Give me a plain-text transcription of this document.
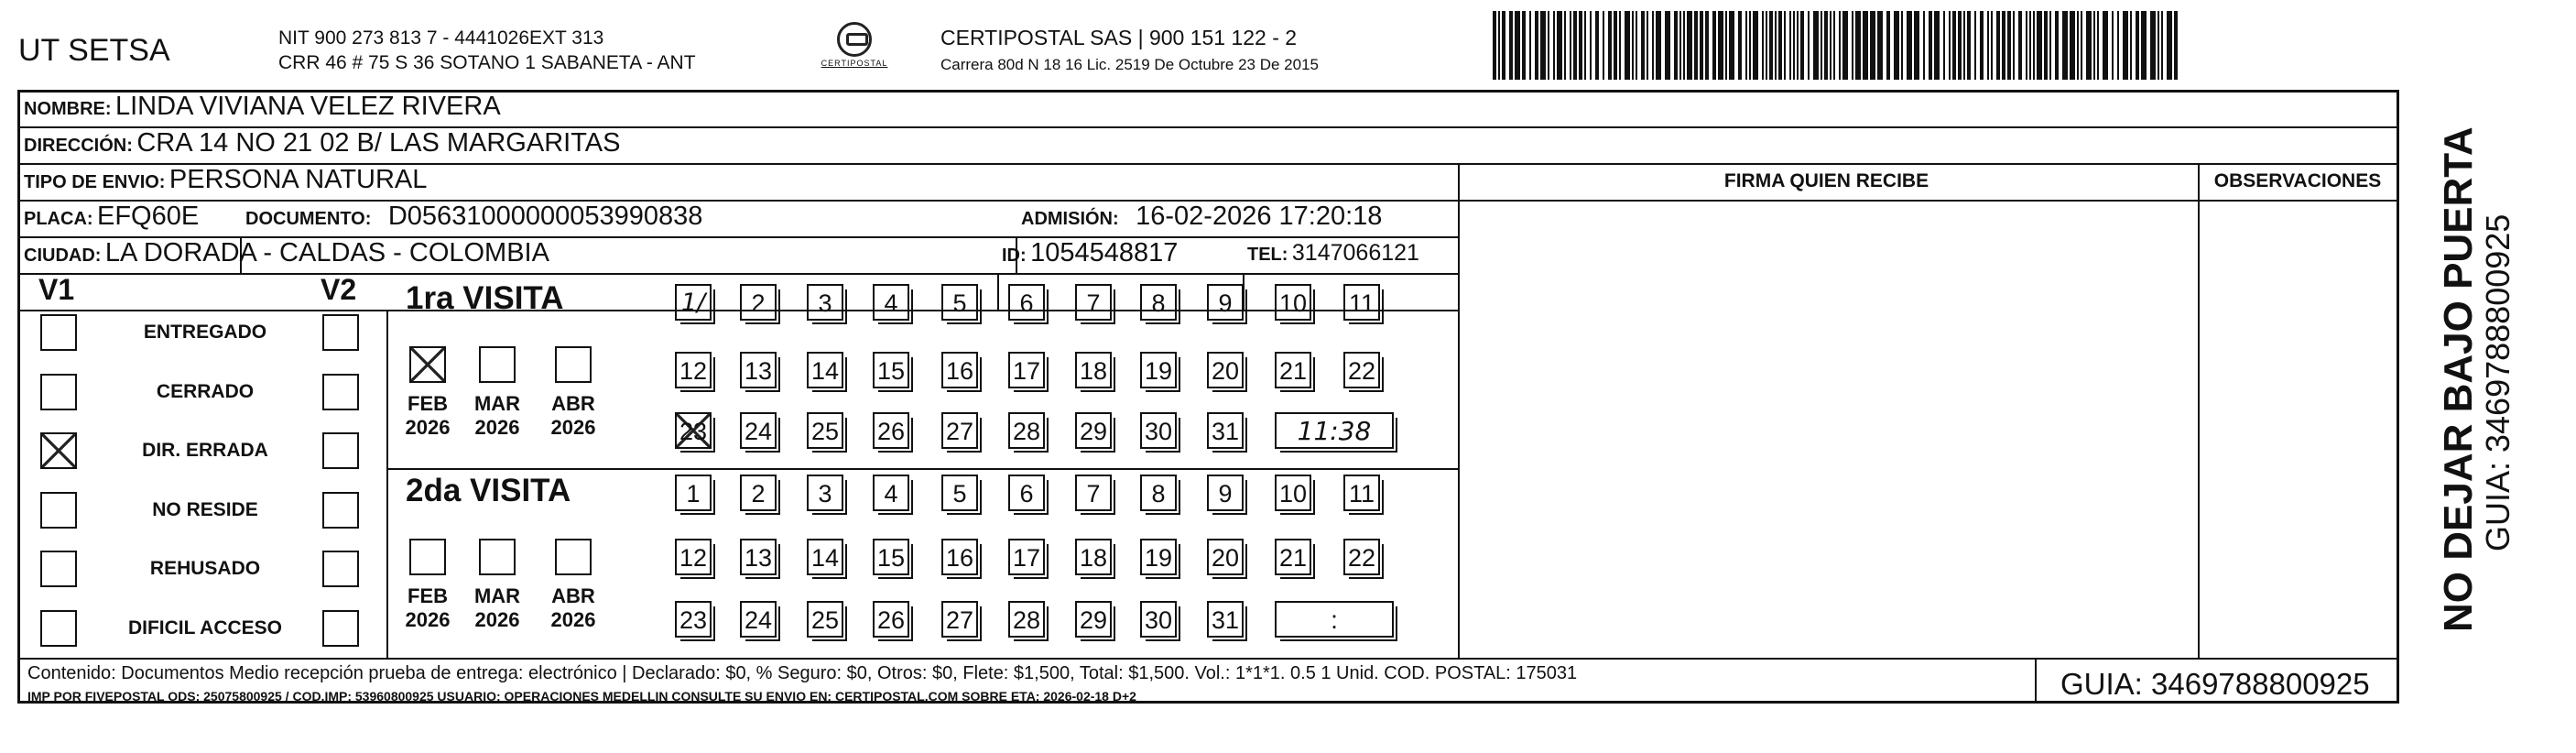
UT SETSA	NIT 900 273 813 7 - 4441026EXT 313
CRR 46 # 75 S 36 SOTANO 1 SABANETA - ANT	CERTIPOSTAL
CERTIPOSTAL SAS | 900 151 122 - 2
Carrera 80d N 18 16 Lic. 2519 De Octubre 23 De 2015
NOMBRE: LINDA VIVIANA VELEZ RIVERA
DIRECCIÓN: CRA 14 NO 21 02 B/ LAS MARGARITAS
TIPO DE ENVIO: PERSONA NATURAL
PLACA: EFQ60E	DOCUMENTO: D05631000000053990838	ADMISIÓN: 16-02-2026 17:20:18
CIUDAD: LA DORADA - CALDAS - COLOMBIA	ID: 1054548817	TEL: 3147066121
FIRMA QUIEN RECIBE	OBSERVACIONES
V1	V2
ENTREGADO
CERRADO
DIR. ERRADA
NO RESIDE
REHUSADO
DIFICIL ACCESO
1ra VISITA
2da VISITA
FEB
2026
MAR
2026
ABR
2026
1/	2	3	4	5	6	7	8	9	10 11
12 13 14 15 16 17 18 19 20 21 22
23 24 25 26 27 28 29 30 31	11:38
FEB
2026
MAR
2026
ABR
2026
1	2	3	4	5	6	7	8	9	10 11
12 13 14 15 16 17 18 19 20 21 22
23 24 25 26 27 28 29 30 31	:
Contenido: Documentos Medio recepción prueba de entrega: electrónico | Declarado: $0, % Seguro: $0, Otros: $0, Flete: $1,500, Total: $1,500. Vol.: 1*1*1. 0.5 1 Unid. COD. POSTAL: 175031
IMP POR FIVEPOSTAL ODS: 25075800925 / COD.IMP: 53960800925 USUARIO: OPERACIONES MEDELLIN CONSULTE SU ENVIO EN: CERTIPOSTAL.COM SOBRE ETA: 2026-02-18 D+2	GUIA: 3469788800925
NO DEJAR BAJO PUERTA
GUIA: 3469788800925
